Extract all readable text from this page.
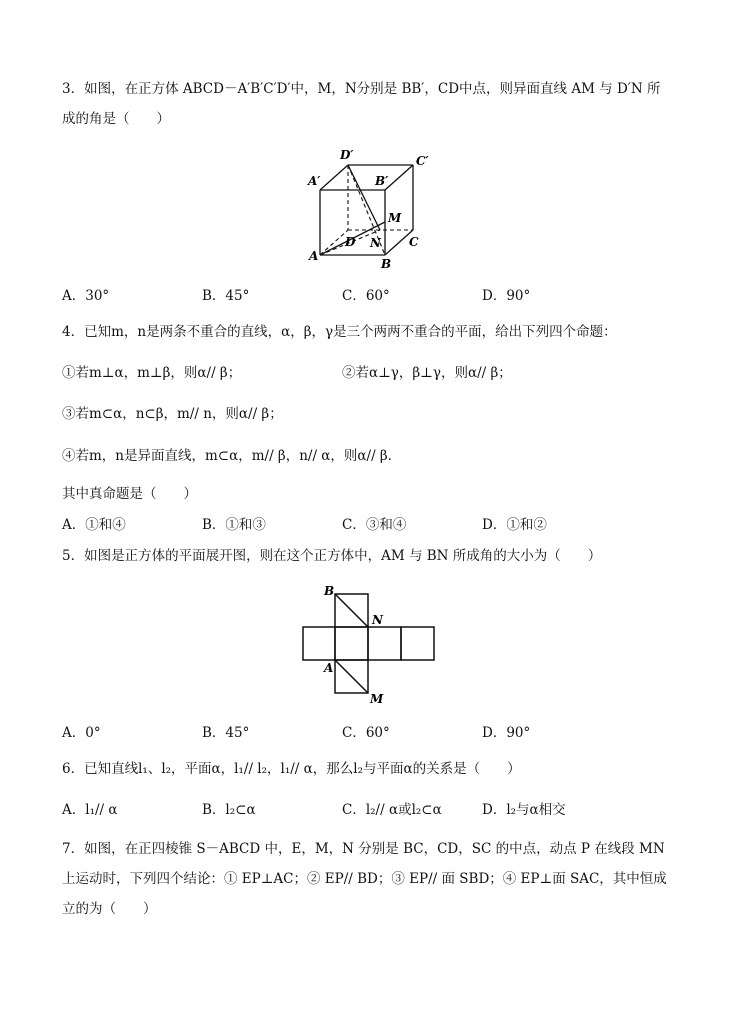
3．如图，在正方体 ABCD－A′B′C′D′中，M，N分别是 BB′，CD中点，则异面直线 AM 与 D′N 所
成的角是（　　）
D′	C′
A′	B′
M
D N C
A
B
A．30°	B．45°	C．60°	D．90°
4．已知m，n是两条不重合的直线，α，β，γ是三个两两不重合的平面，给出下列四个命题：
①若m⊥α，m⊥β，则α// β；	②若α⊥γ，β⊥γ，则α// β；
③若m⊂α，n⊂β，m// n，则α// β；
④若m，n是异面直线，m⊂α，m// β，n// α，则α// β．
其中真命题是（　　）
A．①和④	B．①和③	C．③和④	D．①和②
5．如图是正方体的平面展开图，则在这个正方体中，AM 与 BN 所成角的大小为（　　）
B
N
A
M
A．0°	B．45°	C．60°	D．90°
6．已知直线l₁、l₂，平面α，l₁// l₂，l₁// α，那么l₂与平面α的关系是（　　）
A．l₁// α	B．l₂⊂α	C．l₂// α或l₂⊂α	D．l₂与α相交
7．如图，在正四棱锥 S－ABCD 中，E，M，N 分别是 BC，CD，SC 的中点，动点 P 在线段 MN
上运动时，下列四个结论：① EP⊥AC；② EP// BD；③ EP// 面 SBD；④ EP⊥面 SAC，其中恒成
立的为（　　）
